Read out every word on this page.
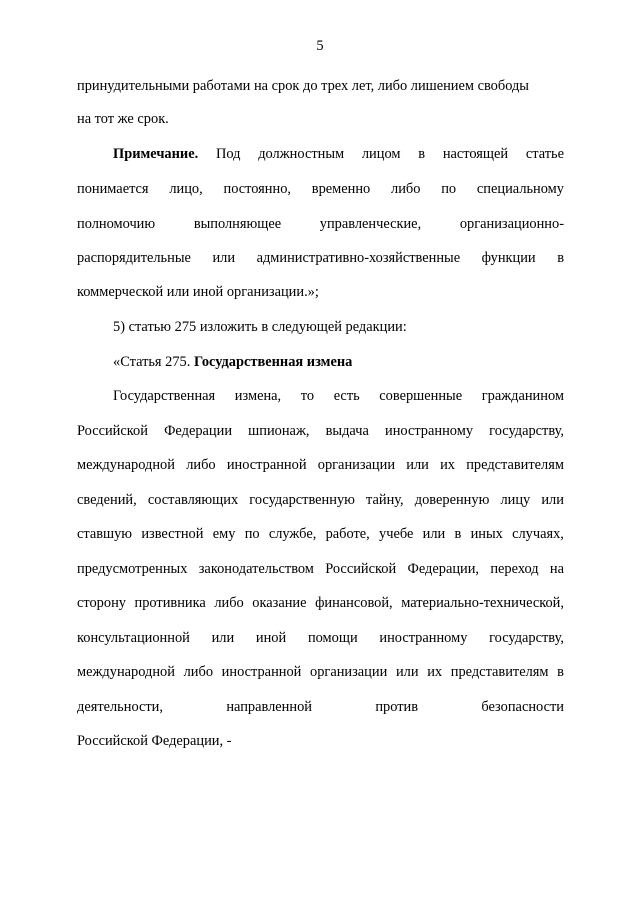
5
принудительными работами на срок до трех лет, либо лишением свободы
на тот же срок.
Примечание. Под должностным лицом в настоящей статье
понимается лицо, постоянно, временно либо по специальному
полномочию	выполняющее	управленческие,	организационно-
распорядительные или административно-хозяйственные функции в
коммерческой или иной организации.»;
5) статью 275 изложить в следующей редакции:
«Статья 275. Государственная измена
Государственная измена, то есть совершенные гражданином
Российской Федерации шпионаж, выдача иностранному государству,
международной либо иностранной организации или их представителям
сведений, составляющих государственную тайну, доверенную лицу или
ставшую известной ему по службе, работе, учебе или в иных случаях,
предусмотренных законодательством Российской Федерации, переход на
сторону противника либо оказание финансовой, материально-технической,
консультационной или иной помощи иностранному государству,
международной либо иностранной организации или их представителям в
деятельности,	направленной	против	безопасности
Российской Федерации, -
